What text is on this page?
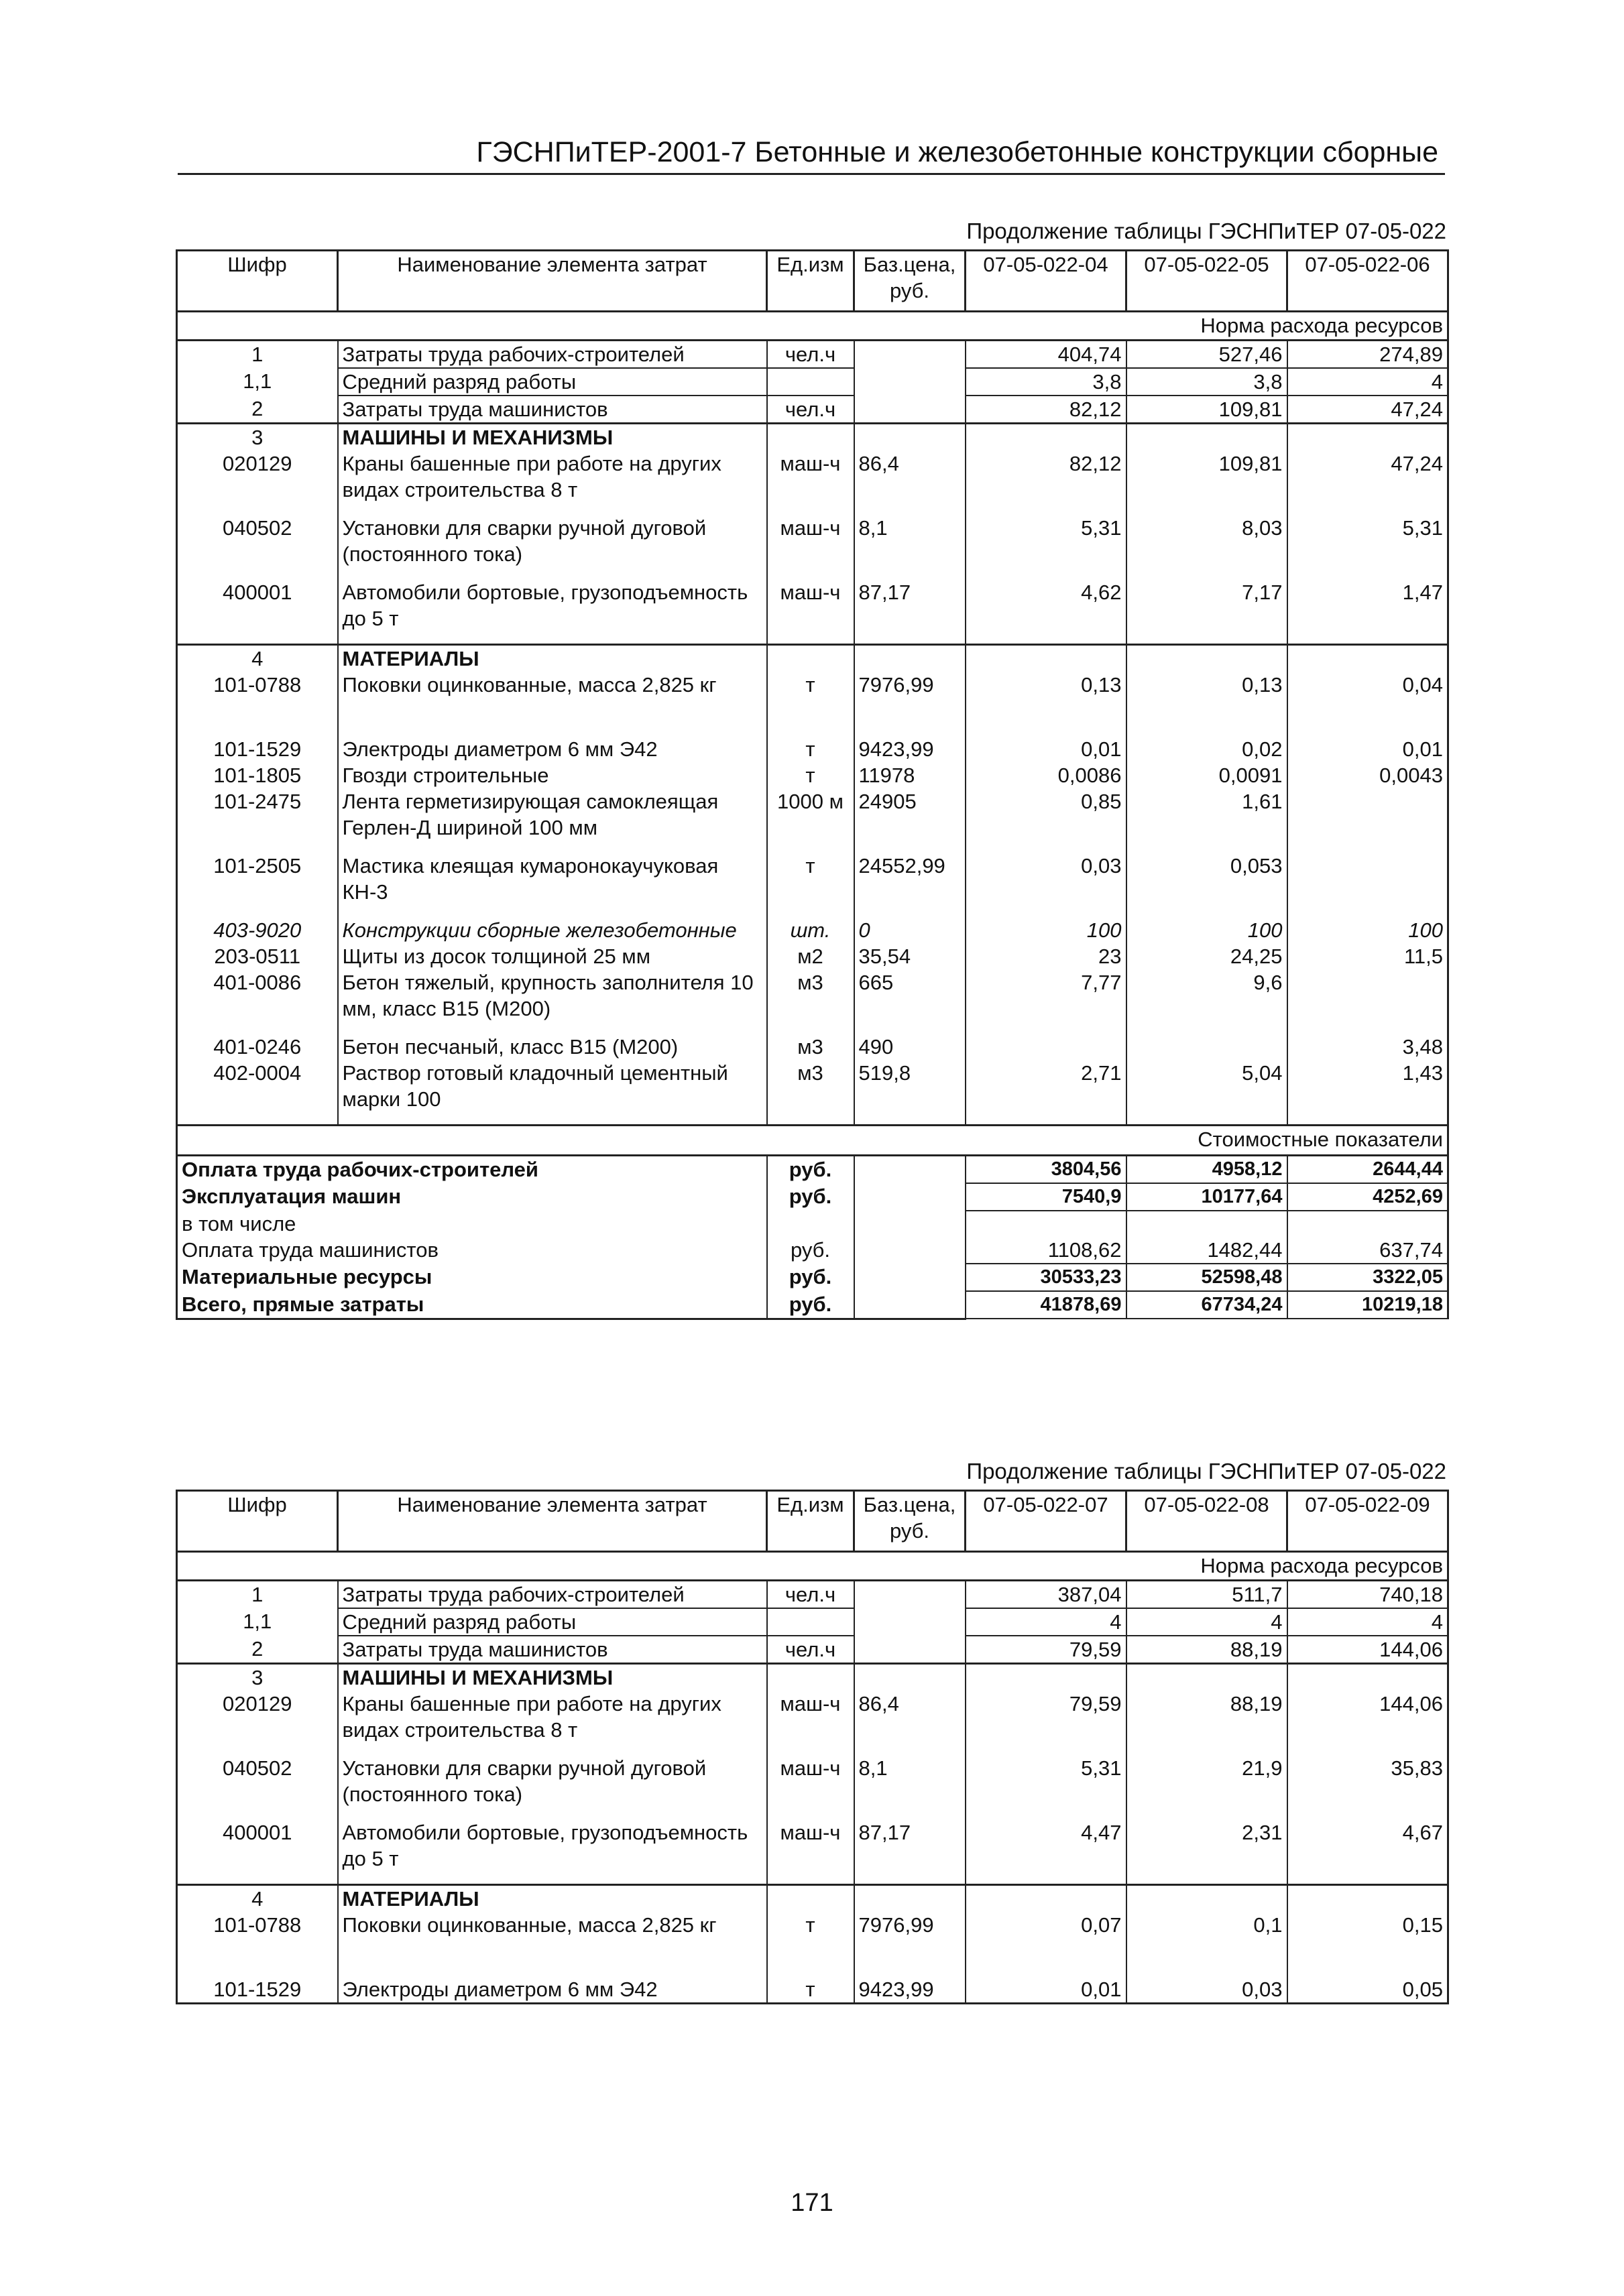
ГЭСНПиТЕР-2001-7 Бетонные и железобетонные конструкции сборные
Продолжение таблицы ГЭСНПиТЕР 07-05-022
Шифр	Наименование элемента затрат	Ед.изм	Баз.цена, руб.	07-05-022-04	07-05-022-05	07-05-022-06
Норма расхода ресурсов						
1	Затраты труда рабочих-строителей	чел.ч		404,74	527,46	274,89
1,1	Средний разряд работы			3,8	3,8	4
2	Затраты труда машинистов	чел.ч		82,12	109,81	47,24
3	МАШИНЫ И МЕХАНИЗМЫ					
020129	Краны башенные при работе на других видах строительства 8 т	маш-ч	86,4	82,12	109,81	47,24
040502	Установки для сварки ручной дуговой (постоянного тока)	маш-ч	8,1	5,31	8,03	5,31
400001	Автомобили бортовые, грузоподъемность до 5 т	маш-ч	87,17	4,62	7,17	1,47
4	МАТЕРИАЛЫ					
101-0788	Поковки оцинкованные, масса 2,825 кг	т	7976,99	0,13	0,13	0,04
101-1529	Электроды диаметром 6 мм Э42	т	9423,99	0,01	0,02	0,01
101-1805	Гвозди строительные	т	11978	0,0086	0,0091	0,0043
101-2475	Лента герметизирующая самоклеящая Герлен-Д шириной 100 мм	1000 м	24905	0,85	1,61	
101-2505	Мастика клеящая кумаронокаучуковая КН-3	т	24552,99	0,03	0,053	
403-9020	Конструкции сборные железобетонные	шт.	0	100	100	100
203-0511	Щиты из досок толщиной 25 мм	м2	35,54	23	24,25	11,5
401-0086	Бетон тяжелый, крупность заполнителя 10 мм, класс В15 (М200)	м3	665	7,77	9,6	
401-0246	Бетон песчаный, класс В15 (М200)	м3	490			3,48
402-0004	Раствор готовый кладочный цементный марки 100	м3	519,8	2,71	5,04	1,43
Стоимостные показатели						
Оплата труда рабочих-строителей		руб.		3804,56	4958,12	2644,44
Эксплуатация машин		руб.		7540,9	10177,64	4252,69
в том числе						
Оплата труда машинистов		руб.		1108,62	1482,44	637,74
Материальные ресурсы		руб.		30533,23	52598,48	3322,05
Всего, прямые затраты		руб.		41878,69	67734,24	10219,18
Продолжение таблицы ГЭСНПиТЕР 07-05-022
Шифр	Наименование элемента затрат	Ед.изм	Баз.цена, руб.	07-05-022-07	07-05-022-08	07-05-022-09
Норма расхода ресурсов						
1	Затраты труда рабочих-строителей	чел.ч		387,04	511,7	740,18
1,1	Средний разряд работы			4	4	4
2	Затраты труда машинистов	чел.ч		79,59	88,19	144,06
3	МАШИНЫ И МЕХАНИЗМЫ					
020129	Краны башенные при работе на других видах строительства 8 т	маш-ч	86,4	79,59	88,19	144,06
040502	Установки для сварки ручной дуговой (постоянного тока)	маш-ч	8,1	5,31	21,9	35,83
400001	Автомобили бортовые, грузоподъемность до 5 т	маш-ч	87,17	4,47	2,31	4,67
4	МАТЕРИАЛЫ					
101-0788	Поковки оцинкованные, масса 2,825 кг	т	7976,99	0,07	0,1	0,15
101-1529	Электроды диаметром 6 мм Э42	т	9423,99	0,01	0,03	0,05
171
